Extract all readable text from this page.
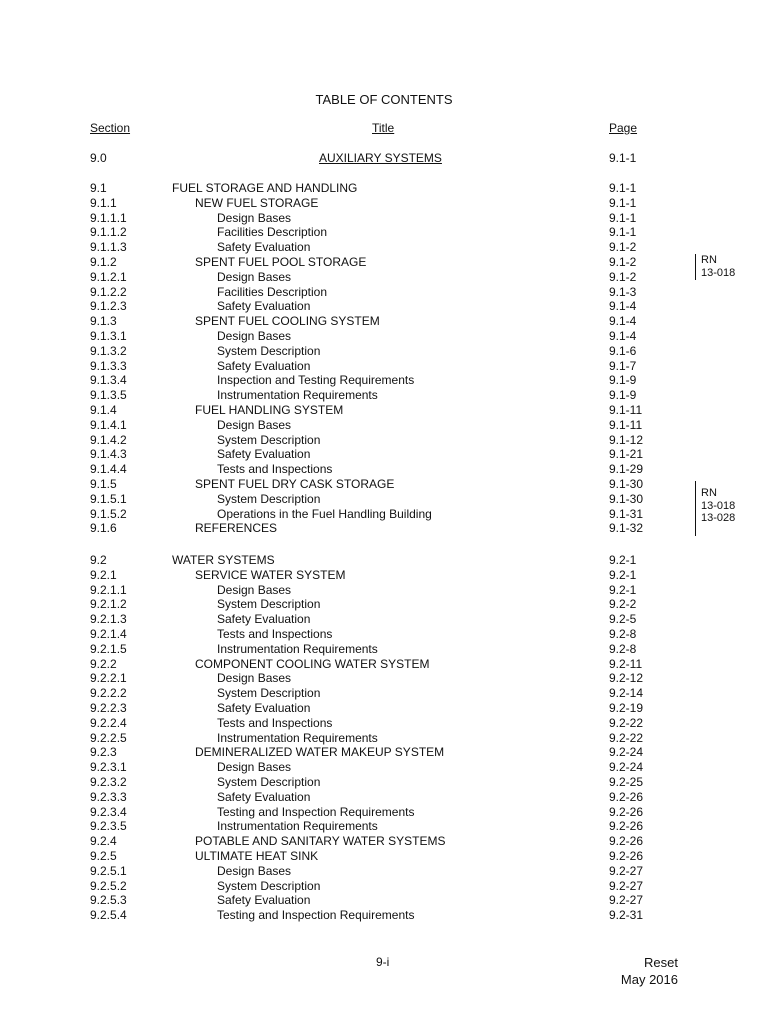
TABLE OF CONTENTS
Section	Title	Page
9.0	AUXILIARY SYSTEMS	9.1-1
9.1	FUEL STORAGE AND HANDLING	9.1-1
9.1.1	NEW FUEL STORAGE	9.1-1
9.1.1.1	Design Bases	9.1-1
9.1.1.2	Facilities Description	9.1-1
9.1.1.3	Safety Evaluation	9.1-2
9.1.2	SPENT FUEL POOL STORAGE	9.1-2
9.1.2.1	Design Bases	9.1-2
9.1.2.2	Facilities Description	9.1-3
9.1.2.3	Safety Evaluation	9.1-4
9.1.3	SPENT FUEL COOLING SYSTEM	9.1-4
9.1.3.1	Design Bases	9.1-4
9.1.3.2	System Description	9.1-6
9.1.3.3	Safety Evaluation	9.1-7
9.1.3.4	Inspection and Testing Requirements	9.1-9
9.1.3.5	Instrumentation Requirements	9.1-9
9.1.4	FUEL HANDLING SYSTEM	9.1-11
9.1.4.1	Design Bases	9.1-11
9.1.4.2	System Description	9.1-12
9.1.4.3	Safety Evaluation	9.1-21
9.1.4.4	Tests and Inspections	9.1-29
9.1.5	SPENT FUEL DRY CASK STORAGE	9.1-30
9.1.5.1	System Description	9.1-30
9.1.5.2	Operations in the Fuel Handling Building	9.1-31
9.1.6	REFERENCES	9.1-32
9.2	WATER SYSTEMS	9.2-1
9.2.1	SERVICE WATER SYSTEM	9.2-1
9.2.1.1	Design Bases	9.2-1
9.2.1.2	System Description	9.2-2
9.2.1.3	Safety Evaluation	9.2-5
9.2.1.4	Tests and Inspections	9.2-8
9.2.1.5	Instrumentation Requirements	9.2-8
9.2.2	COMPONENT COOLING WATER SYSTEM	9.2-11
9.2.2.1	Design Bases	9.2-12
9.2.2.2	System Description	9.2-14
9.2.2.3	Safety Evaluation	9.2-19
9.2.2.4	Tests and Inspections	9.2-22
9.2.2.5	Instrumentation Requirements	9.2-22
9.2.3	DEMINERALIZED WATER MAKEUP SYSTEM	9.2-24
9.2.3.1	Design Bases	9.2-24
9.2.3.2	System Description	9.2-25
9.2.3.3	Safety Evaluation	9.2-26
9.2.3.4	Testing and Inspection Requirements	9.2-26
9.2.3.5	Instrumentation Requirements	9.2-26
9.2.4	POTABLE AND SANITARY WATER SYSTEMS	9.2-26
9.2.5	ULTIMATE HEAT SINK	9.2-26
9.2.5.1	Design Bases	9.2-27
9.2.5.2	System Description	9.2-27
9.2.5.3	Safety Evaluation	9.2-27
9.2.5.4	Testing and Inspection Requirements	9.2-31
RN
13-018
RN
13-018
13-028
9-i	Reset
May 2016
